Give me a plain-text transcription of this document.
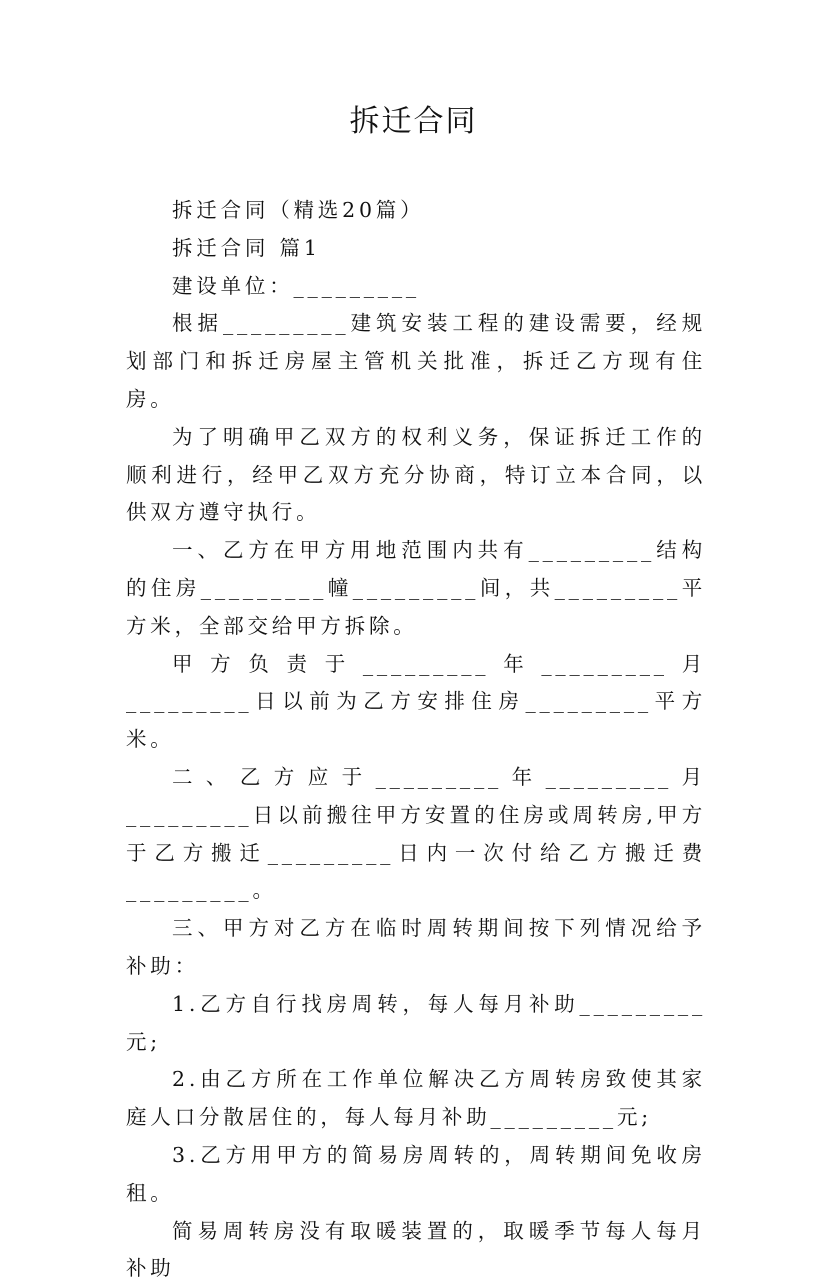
拆迁合同

拆迁合同（精选20篇）

拆迁合同 篇1

建设单位：_________

根据_________建筑安装工程的建设需要，经规划部门和拆迁房屋主管机关批准，拆迁乙方现有住房。

为了明确甲乙双方的权利义务，保证拆迁工作的顺利进行，经甲乙双方充分协商，特订立本合同，以供双方遵守执行。

一、乙方在甲方用地范围内共有_________结构的住房_________幢_________间，共_________平方米，全部交给甲方拆除。

甲方负责于_________年_________月_________日以前为乙方安排住房_________平方米。

二、乙方应于_________年_________月_________日以前搬往甲方安置的住房或周转房,甲方于乙方搬迁_________日内一次付给乙方搬迁费_________。

三、甲方对乙方在临时周转期间按下列情况给予补助：

1.乙方自行找房周转，每人每月补助_________元;

2.由乙方所在工作单位解决乙方周转房致使其家庭人口分散居住的，每人每月补助_________元;

3.乙方用甲方的简易房周转的，周转期间免收房租。

简易周转房没有取暖装置的，取暖季节每人每月补助
